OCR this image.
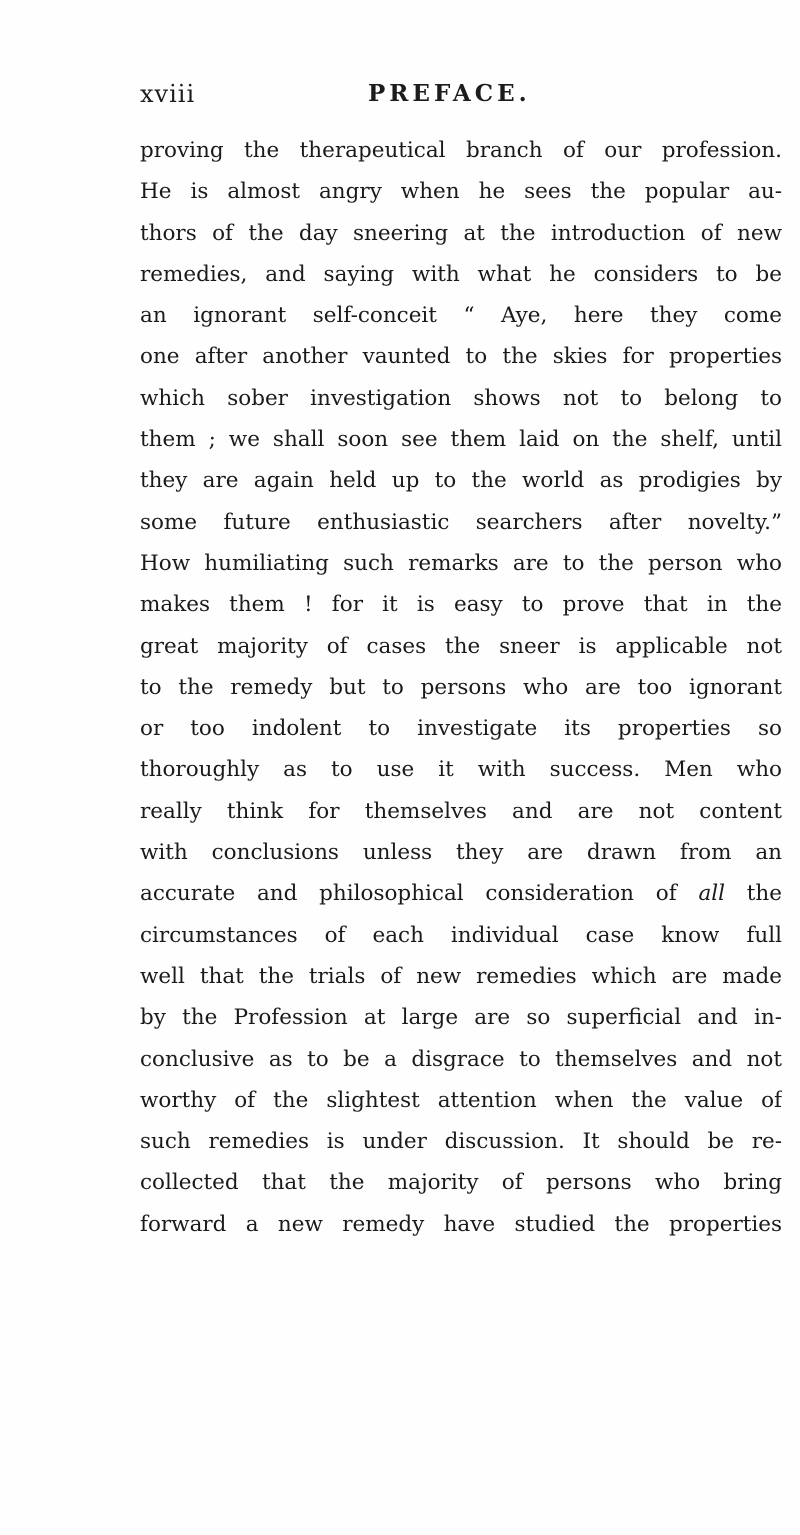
xviii	PREFACE.
proving the therapeutical branch of our profession.
He is almost angry when he sees the popular au-
thors of the day sneering at the introduction of new
remedies, and saying with what he considers to be
an ignorant self-conceit “ Aye, here they come
one after another vaunted to the skies for properties
which sober investigation shows not to belong to
them ; we shall soon see them laid on the shelf, until
they are again held up to the world as prodigies by
some future enthusiastic searchers after novelty.”
How humiliating such remarks are to the person who
makes them ! for it is easy to prove that in the
great majority of cases the sneer is applicable not
to the remedy but to persons who are too ignorant
or too indolent to investigate its properties so
thoroughly as to use it with success. Men who
really think for themselves and are not content
with conclusions unless they are drawn from an
accurate and philosophical consideration of all the
circumstances of each individual case know full
well that the trials of new remedies which are made
by the Profession at large are so superficial and in-
conclusive as to be a disgrace to themselves and not
worthy of the slightest attention when the value of
such remedies is under discussion. It should be re-
collected that the majority of persons who bring
forward a new remedy have studied the properties
